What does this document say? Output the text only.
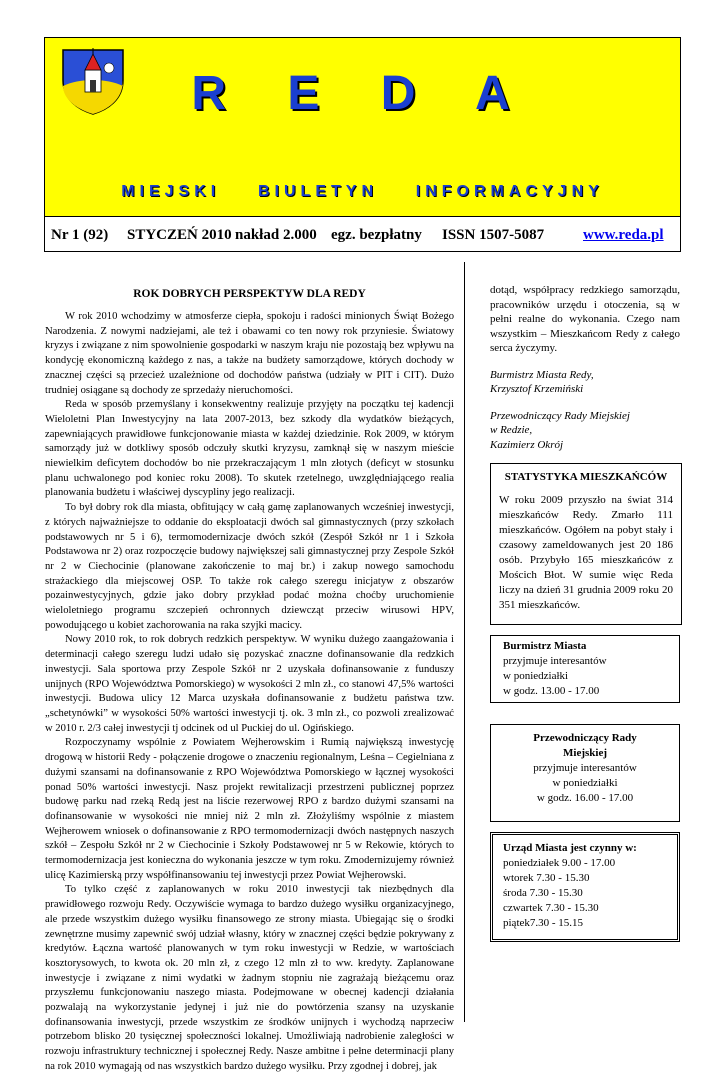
R E D A
MIEJSKI    BIULETYN    INFORMACYJNY
Nr 1 (92) STYCZEŃ 2010 nakład 2.000 egz. bezpłatny ISSN 1507-5087	www.reda.pl
ROK DOBRYCH PERSPEKTYW DLA REDY

W rok 2010 wchodzimy w atmosferze ciepła, spokoju i radości minionych Świąt Bożego Narodzenia. Z nowymi nadziejami, ale też i obawami co ten nowy rok przyniesie. Światowy kryzys i związane z nim spowolnienie gospodarki w naszym kraju nie pozostają bez wpływu na kondycję ekonomiczną każdego z nas, a także na budżety samorządowe, których dochody w znacznej części są przecież uzależnione od dochodów państwa (udziały w PIT i CIT). Dużo trudniej osiągane są dochody ze sprzedaży nieruchomości.

Reda w sposób przemyślany i konsekwentny realizuje przyjęty na początku tej kadencji Wieloletni Plan Inwestycyjny na lata 2007-2013, bez szkody dla wydatków bieżących, zapewniających prawidłowe funkcjonowanie miasta w każdej dziedzinie. Rok 2009, w którym samorządy już w dotkliwy sposób odczuły skutki kryzysu, zamknął się w naszym mieście niewielkim deficytem dochodów bo nie przekraczającym 1 mln złotych (deficyt w stosunku planu uchwalonego pod koniec roku 2008). To skutek rzetelnego, uwzględniającego realia planowania budżetu i właściwej dyscypliny jego realizacji.

To był dobry rok dla miasta, obfitujący w całą gamę zaplanowanych wcześniej inwestycji, z których najważniejsze to oddanie do eksploatacji dwóch sal gimnastycznych (przy szkołach podstawowych nr 5 i 6), termomodernizacje dwóch szkół (Zespół Szkół nr 1 i Szkoła Podstawowa nr 2) oraz rozpoczęcie budowy największej sali gimnastycznej przy Zespole Szkół nr 2 w Ciechocinie (planowane zakończenie to maj br.) i zakup nowego samochodu strażackiego dla miejscowej OSP. To także rok całego szeregu inicjatyw z obszarów pozainwestycyjnych, gdzie jako dobry przykład podać można choćby uruchomienie wieloletniego programu szczepień ochronnych dziewcząt przeciw wirusowi HPV, powodującego u kobiet zachorowania na raka szyjki macicy.

Nowy 2010 rok, to rok dobrych redzkich perspektyw. W wyniku dużego zaangażowania i determinacji całego szeregu ludzi udało się pozyskać znaczne dofinansowanie dla redzkich inwestycji. Sala sportowa przy Zespole Szkół nr 2 uzyskała dofinansowanie z funduszy unijnych (RPO Województwa Pomorskiego) w wysokości 2 mln zł., co stanowi 47,5% wartości inwestycji. Budowa ulicy 12 Marca uzyskała dofinansowanie z budżetu państwa tzw. „schetynówki” w wysokości 50% wartości inwestycji tj. ok. 3 mln zł., co pozwoli zrealizować w 2010 r. 2/3 całej inwestycji tj odcinek od ul Puckiej do ul. Ogińskiego.

Rozpoczynamy wspólnie z Powiatem Wejherowskim i Rumią największą inwestycję drogową w historii Redy - połączenie drogowe o znaczeniu regionalnym, Leśna – Cegielniana z dużymi szansami na dofinansowanie z RPO Województwa Pomorskiego w łącznej wysokości ponad 50% wartości inwestycji. Nasz projekt rewitalizacji przestrzeni publicznej poprzez budowę parku nad rzeką Redą jest na liście rezerwowej RPO z bardzo dużymi szansami na dofinansowanie w wysokości nie mniej niż 2 mln zł. Złożyliśmy wspólnie z miastem Wejherowem wniosek o dofinansowanie z RPO termomodernizacji dwóch następnych naszych szkół – Zespołu Szkół nr 2 w Ciechocinie i Szkoły Podstawowej nr 5 w Rekowie, których to termomodernizacja jest konieczna do wykonania jeszcze w tym roku. Zmodernizujemy również ulicę Kazimierską przy współfinansowaniu tej inwestycji przez Powiat Wejherowski.

To tylko część z zaplanowanych w roku 2010 inwestycji tak niezbędnych dla prawidłowego rozwoju Redy. Oczywiście wymaga to bardzo dużego wysiłku organizacyjnego, ale przede wszystkim dużego wysiłku finansowego ze strony miasta. Ubiegając się o środki zewnętrzne musimy zapewnić swój udział własny, który w znacznej części będzie pokrywany z kredytów. Łączna wartość planowanych w tym roku inwestycji w Redzie, w wartościach kosztorysowych, to kwota ok. 20 mln zł, z czego 12 mln zł to ww. kredyty. Zaplanowane inwestycje i związane z nimi wydatki w żadnym stopniu nie zagrażają bieżącemu oraz przyszłemu funkcjonowaniu naszego miasta. Podejmowane w obecnej kadencji działania pozwalają na wykorzystanie jedynej i już nie do powtórzenia szansy na uzyskanie dofinansowania inwestycji, przede wszystkim ze środków unijnych i wychodzą naprzeciw potrzebom blisko 20 tysięcznej społeczności lokalnej. Umożliwiają nadrobienie zaległości w rozwoju infrastruktury technicznej i społecznej Redy. Nasze ambitne i pełne determinacji plany na rok 2010 wymagają od nas wszystkich bardzo dużego wysiłku. Przy zgodnej i dobrej, jak

dotąd, współpracy redzkiego samorządu, pracowników urzędu i otoczenia, są w pełni realne do wykonania. Czego nam wszystkim – Mieszkańcom Redy z całego serca życzymy.

Burmistrz Miasta Redy,
Krzysztof Krzemiński
Przewodniczący Rady Miejskiej
w Redzie,
Kazimierz Okrój
STATYSTYKA MIESZKAŃCÓW

W roku 2009 przyszło na świat 314 mieszkańców Redy. Zmarło 111 mieszkańców. Ogółem na pobyt stały i czasowy zameldowanych jest 20 186 osób. Przybyło 165 mieszkańców z Mościch Błot. W sumie więc Reda liczy na dzień 31 grudnia 2009 roku 20 351 mieszkańców.

Burmistrz Miasta
przyjmuje interesantów
w poniedziałki
w godz. 13.00 - 17.00
Przewodniczący Rady
Miejskiej
przyjmuje interesantów
w poniedziałki
w godz. 16.00 - 17.00
Urząd Miasta jest czynny w:
poniedziałek 9.00 - 17.00
wtorek 7.30 - 15.30
środa 7.30 - 15.30
czwartek 7.30 - 15.30
piątek7.30 - 15.15
